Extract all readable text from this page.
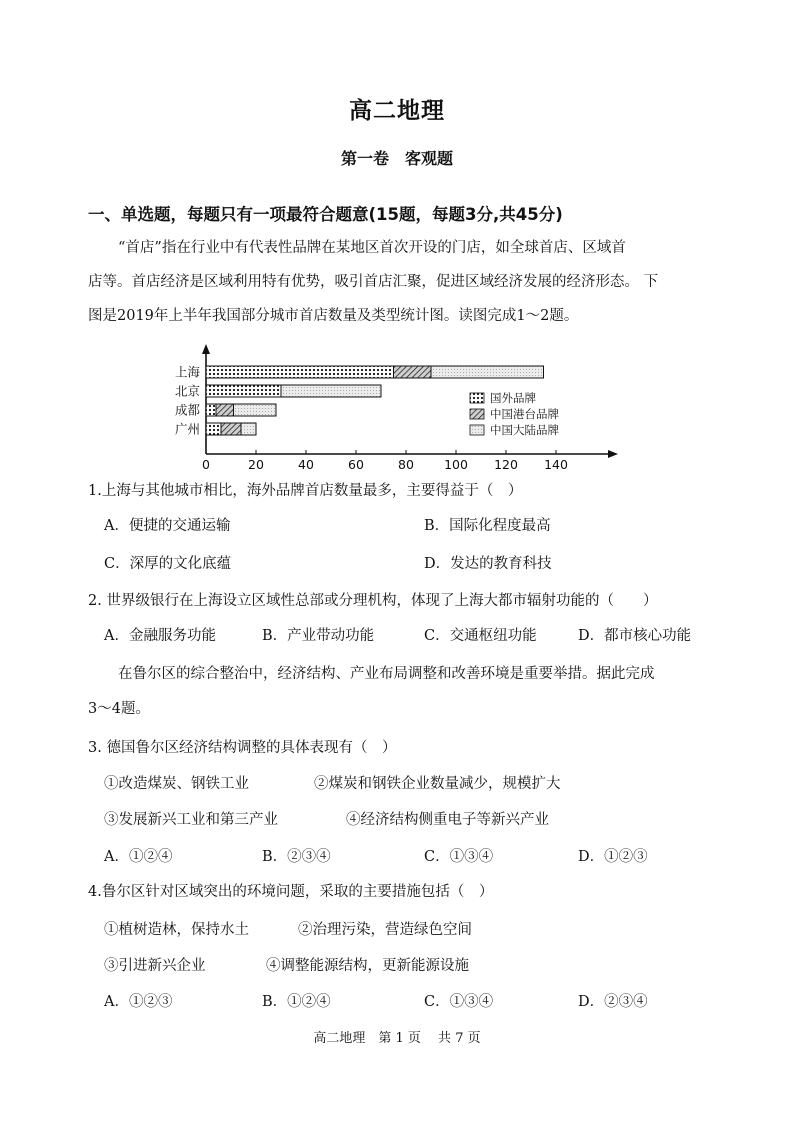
高二地理
第一卷　客观题
一、单选题，每题只有一项最符合题意(15题，每题3分,共45分)
“首店”指在行业中有代表性品牌在某地区首次开设的门店，如全球首店、区域首
店等。首店经济是区域利用特有优势，吸引首店汇聚，促进区域经济发展的经济形态。 下
图是2019年上半年我国部分城市首店数量及类型统计图。读图完成1～2题。
0	20	40	60	80 100 120 140
上海
北京
成都
广州
国外品牌
中国港台品牌
中国大陆品牌
1.上海与其他城市相比，海外品牌首店数量最多，主要得益于（　）
A．便捷的交通运输	B．国际化程度最高
C．深厚的文化底蕴	D．发达的教育科技
2. 世界级银行在上海设立区域性总部或分理机构，体现了上海大都市辐射功能的（　　）
A．金融服务功能	B．产业带动功能	C．交通枢纽功能	D．都市核心功能
在鲁尔区的综合整治中，经济结构、产业布局调整和改善环境是重要举措。据此完成
3～4题。
3. 德国鲁尔区经济结构调整的具体表现有（　）
①改造煤炭、钢铁工业	②煤炭和钢铁企业数量减少，规模扩大
③发展新兴工业和第三产业	④经济结构侧重电子等新兴产业
A．①②④	B．②③④	C．①③④	D．①②③
4.鲁尔区针对区域突出的环境问题，采取的主要措施包括（　）
①植树造林，保持水土	②治理污染，营造绿色空间
③引进新兴企业	④调整能源结构，更新能源设施
A．①②③	B．①②④	C．①③④	D．②③④
高二地理　第 1 页　 共 7 页
